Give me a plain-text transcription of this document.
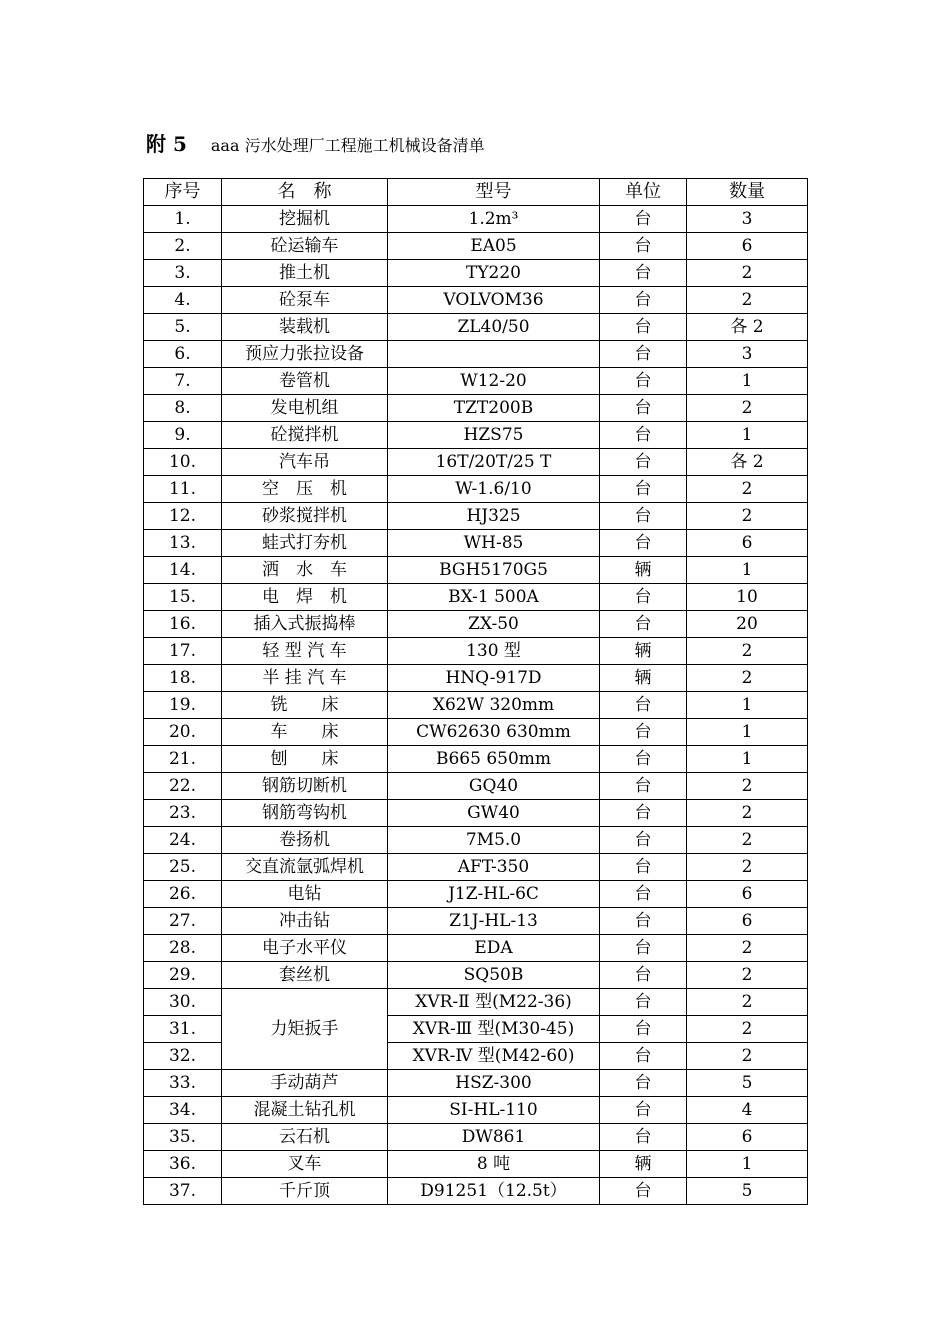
附 5 aaa 污水处理厂工程施工机械设备清单
序号	名　称	型号	单位	数量
1.	挖掘机	1.2m³	台	3
2.	砼运输车	EA05	台	6
3.	推土机	TY220	台	2
4.	砼泵车	VOLVOM36	台	2
5.	装载机	ZL40/50	台	各 2
6.	预应力张拉设备		台	3
7.	卷管机	W12-20	台	1
8.	发电机组	TZT200B	台	2
9.	砼搅拌机	HZS75	台	1
10.	汽车吊	16T/20T/25 T	台	各 2
11.	空　压　机	W-1.6/10	台	2
12.	砂浆搅拌机	HJ325	台	2
13.	蛙式打夯机	WH-85	台	6
14.	洒　水　车	BGH5170G5	辆	1
15.	电　焊　机	BX-1 500A	台	10
16.	插入式振捣棒	ZX-50	台	20
17.	轻 型 汽 车	130 型	辆	2
18.	半 挂 汽 车	HNQ-917D	辆	2
19.	铣　　床	X62W 320mm	台	1
20.	车　　床	CW62630 630mm	台	1
21.	刨　　床	B665 650mm	台	1
22.	钢筋切断机	GQ40	台	2
23.	钢筋弯钩机	GW40	台	2
24.	卷扬机	7M5.0	台	2
25.	交直流氩弧焊机	AFT-350	台	2
26.	电钻	J1Z-HL-6C	台	6
27.	冲击钻	Z1J-HL-13	台	6
28.	电子水平仪	EDA	台	2
29.	套丝机	SQ50B	台	2
30.	力矩扳手	XVR-Ⅱ 型(M22-36)	台	2
31.		XVR-Ⅲ 型(M30-45)	台	2
32.		XVR-Ⅳ 型(M42-60)	台	2
33.	手动葫芦	HSZ-300	台	5
34.	混凝土钻孔机	SI-HL-110	台	4
35.	云石机	DW861	台	6
36.	叉车	8 吨	辆	1
37.	千斤顶	D91251（12.5t）	台	5
